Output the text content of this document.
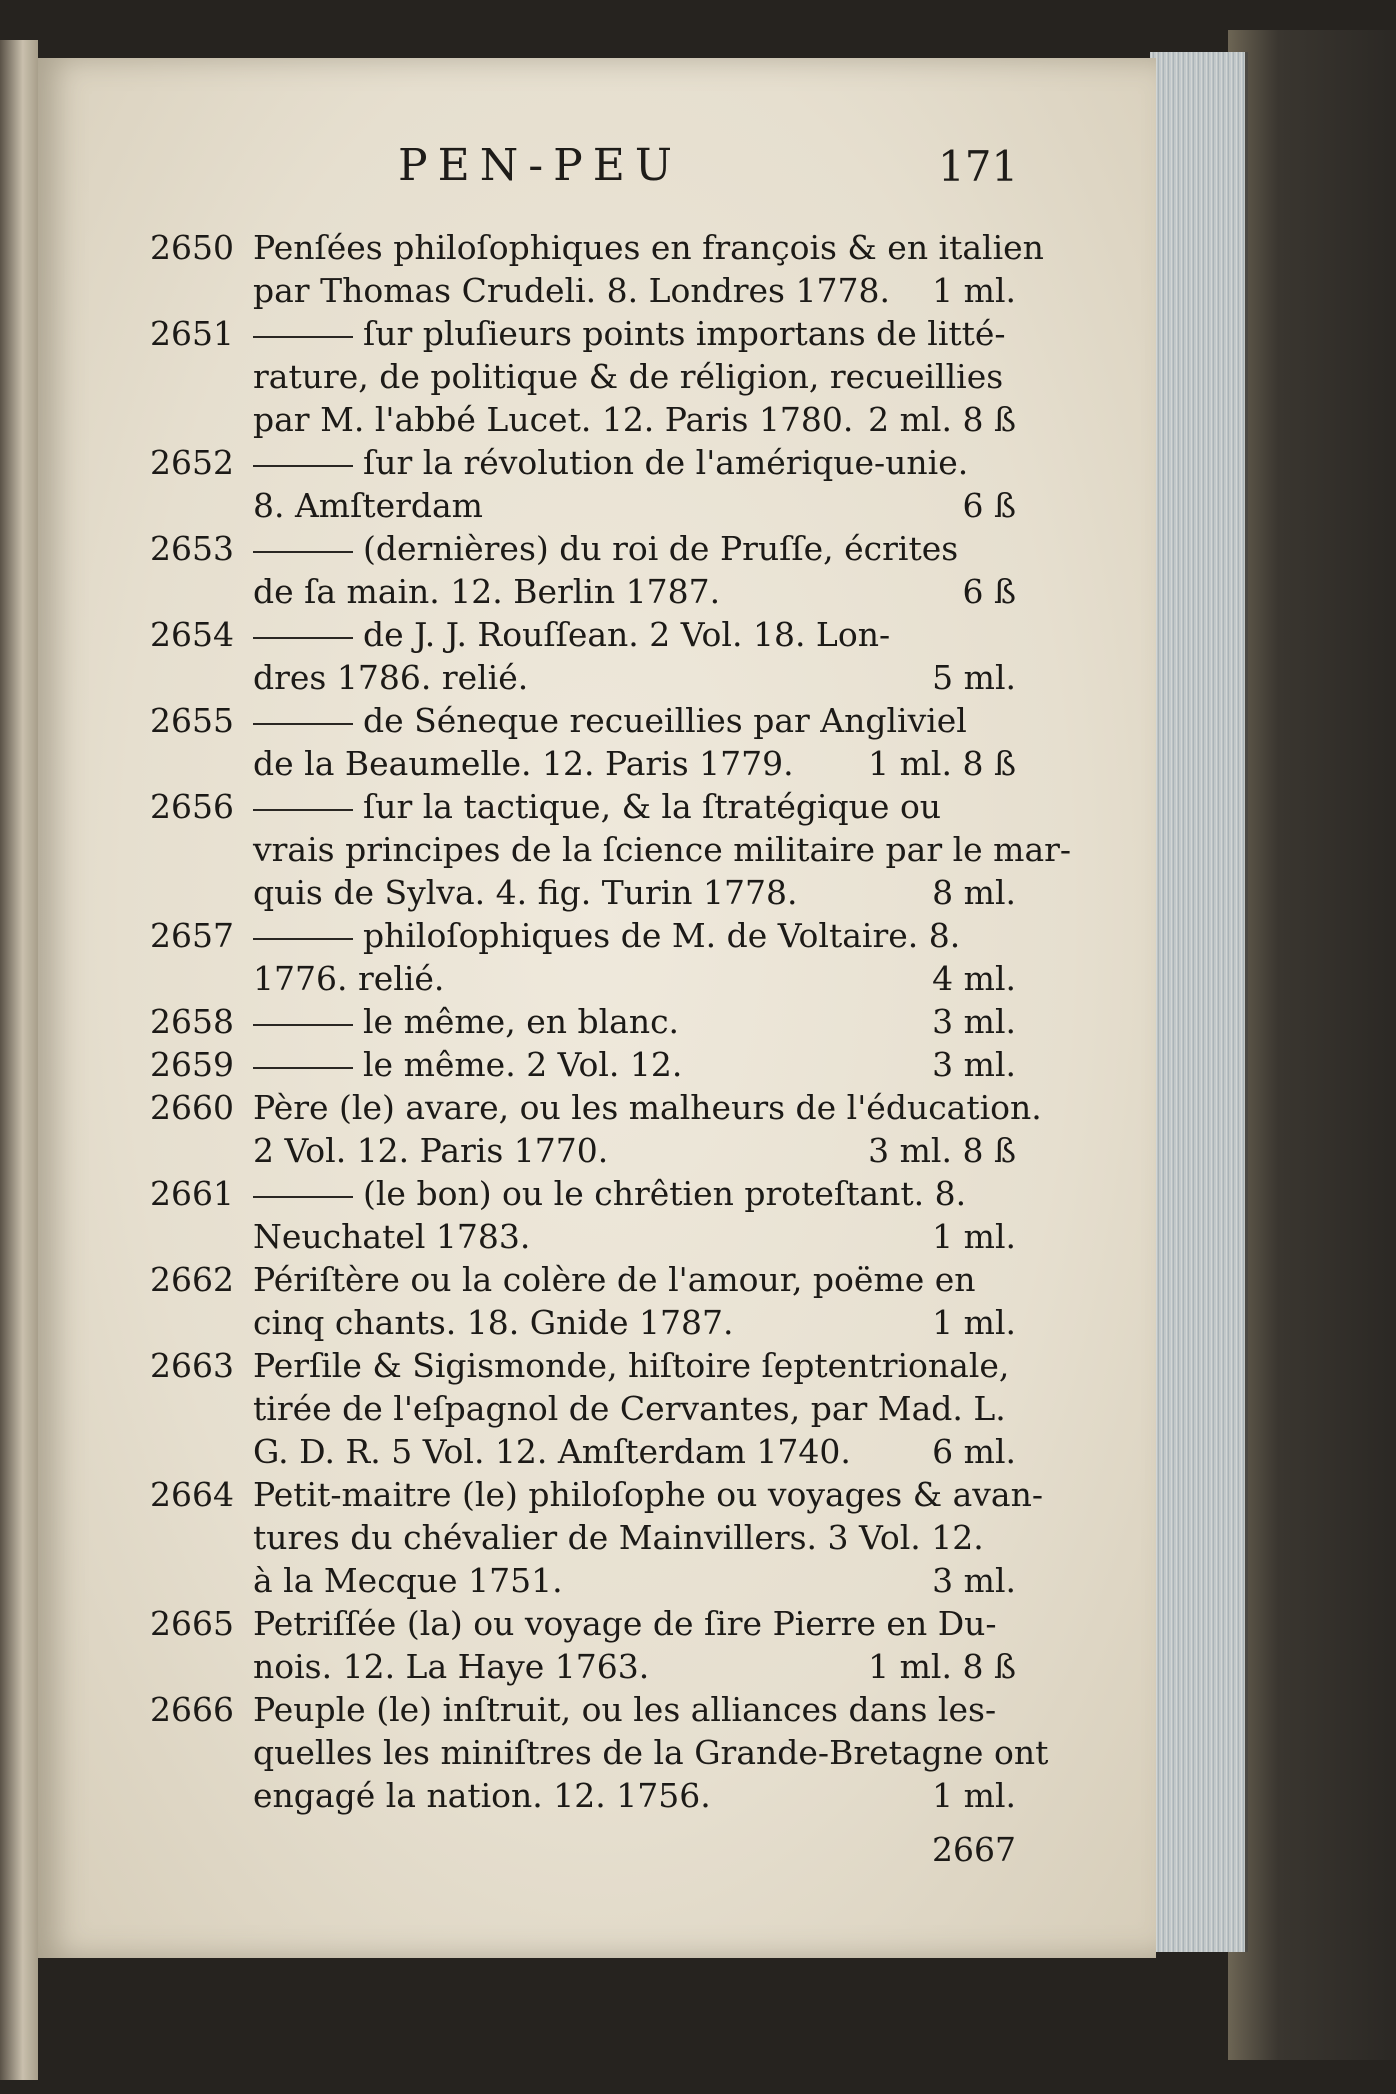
PEN-PEU	171
2650 Penſées philoſophiques en françois & en italien
par Thomas Crudeli. 8. Londres 1778. 1 ml.
2651	ſur pluſieurs points importans de litté-
rature, de politique & de réligion, recueillies
par M. l'abbé Lucet. 12. Paris 1780. 2 ml. 8 ß
2652	ſur la révolution de l'amérique-unie.
8. Amſterdam	6 ß
2653	(dernières) du roi de Pruſſe, écrites
de ſa main. 12. Berlin 1787.	6 ß
2654	de J. J. Rouſſean. 2 Vol. 18. Lon-
dres 1786. relié.	5 ml.
2655	de Séneque recueillies par Angliviel
de la Beaumelle. 12. Paris 1779. 1 ml. 8 ß
2656	ſur la tactique, & la ſtratégique ou
vrais principes de la ſcience militaire par le mar-
quis de Sylva. 4. fig. Turin 1778.	8 ml.
2657	philoſophiques de M. de Voltaire. 8.
1776. relié.	4 ml.
2658	le même, en blanc.	3 ml.
2659	le même. 2 Vol. 12.	3 ml.
2660 Père (le) avare, ou les malheurs de l'éducation.
2 Vol. 12. Paris 1770.	3 ml. 8 ß
2661	(le bon) ou le chrêtien proteſtant. 8.
Neuchatel 1783.	1 ml.
2662 Périſtère ou la colère de l'amour, poëme en
cinq chants. 18. Gnide 1787.	1 ml.
2663 Perſile & Sigismonde, hiſtoire ſeptentrionale,
tirée de l'eſpagnol de Cervantes, par Mad. L.
G. D. R. 5 Vol. 12. Amſterdam 1740. 6 ml.
2664 Petit-maitre (le) philoſophe ou voyages & avan-
tures du chévalier de Mainvillers. 3 Vol. 12.
à la Mecque 1751.	3 ml.
2665 Petriſſée (la) ou voyage de ſire Pierre en Du-
nois. 12. La Haye 1763.	1 ml. 8 ß
2666 Peuple (le) inſtruit, ou les alliances dans les-
quelles les miniſtres de la Grande-Bretagne ont
engagé la nation. 12. 1756.	1 ml.
2667
